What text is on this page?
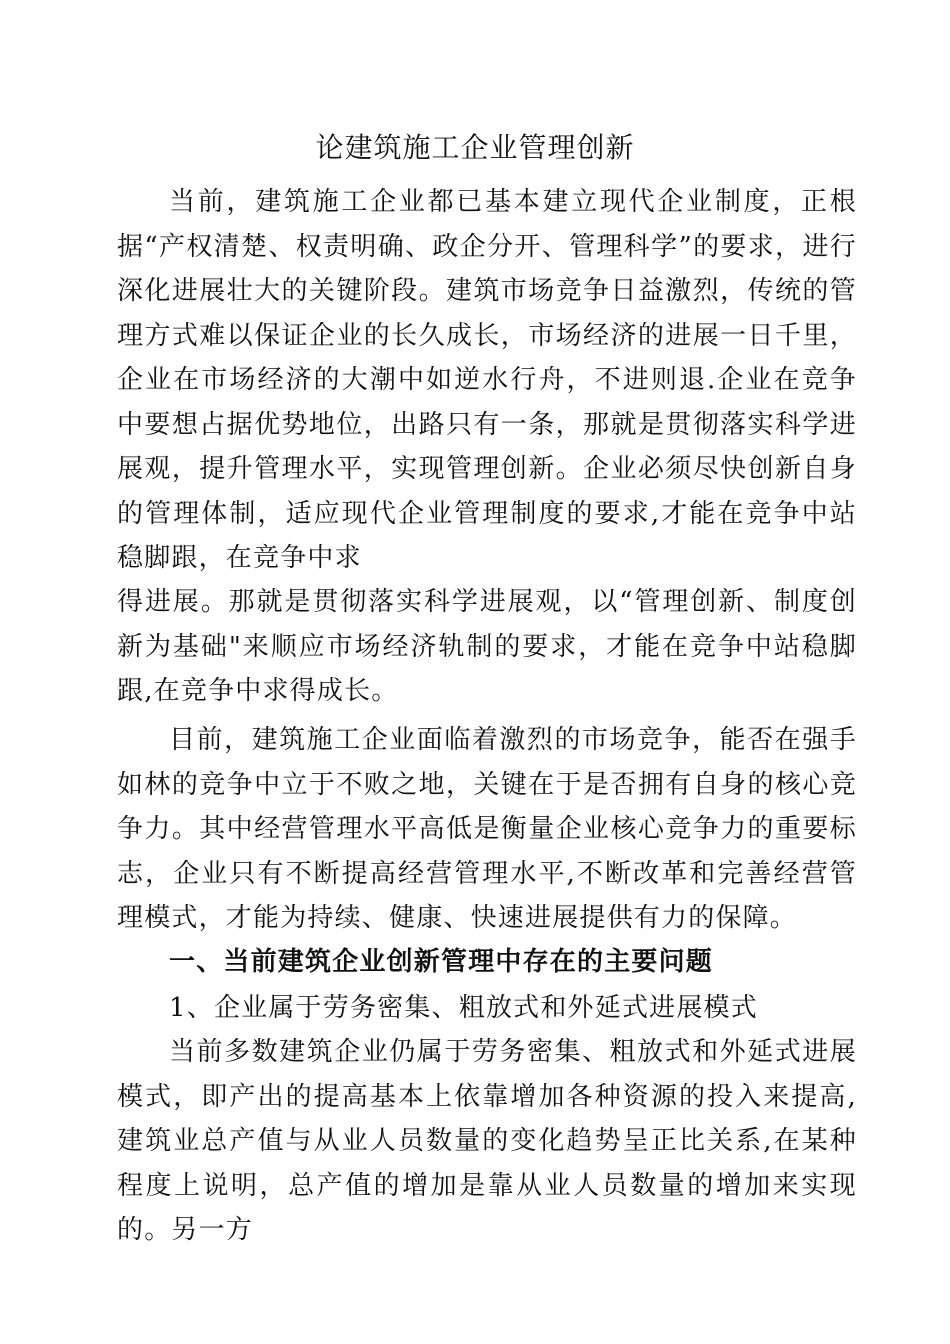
论建筑施工企业管理创新

当前，建筑施工企业都已基本建立现代企业制度，正根据“产权清楚、权责明确、政企分开、管理科学”的要求，进行深化进展壮大的关键阶段。建筑市场竞争日益激烈，传统的管理方式难以保证企业的长久成长，市场经济的进展一日千里，企业在市场经济的大潮中如逆水行舟，不进则退.企业在竞争中要想占据优势地位，出路只有一条，那就是贯彻落实科学进展观，提升管理水平，实现管理创新。企业必须尽快创新自身的管理体制，适应现代企业管理制度的要求,才能在竞争中站稳脚跟，在竞争中求

得进展。那就是贯彻落实科学进展观，以“管理创新、制度创新为基础"来顺应市场经济轨制的要求，才能在竞争中站稳脚跟,在竞争中求得成长。

目前，建筑施工企业面临着激烈的市场竞争，能否在强手如林的竞争中立于不败之地，关键在于是否拥有自身的核心竞争力。其中经营管理水平高低是衡量企业核心竞争力的重要标志，企业只有不断提高经营管理水平,不断改革和完善经营管理模式，才能为持续、健康、快速进展提供有力的保障。

一、当前建筑企业创新管理中存在的主要问题

1、企业属于劳务密集、粗放式和外延式进展模式

当前多数建筑企业仍属于劳务密集、粗放式和外延式进展模式，即产出的提高基本上依靠增加各种资源的投入来提高,建筑业总产值与从业人员数量的变化趋势呈正比关系,在某种程度上说明，总产值的增加是靠从业人员数量的增加来实现的。另一方
